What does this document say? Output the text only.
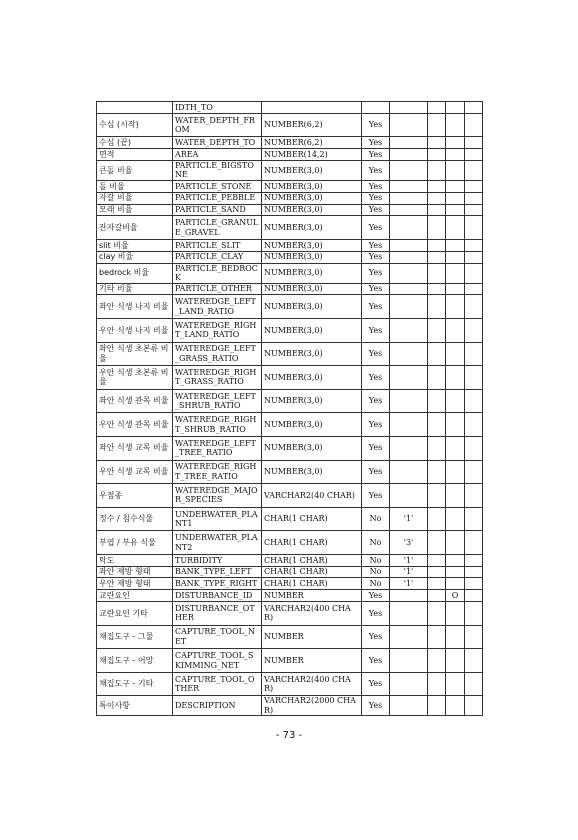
	IDTH_TO						
수심 (시작)	WATER_DEPTH_FROM	NUMBER(6,2)	Yes				
수심 (끝)	WATER_DEPTH_TO	NUMBER(6,2)	Yes				
면적	AREA	NUMBER(14,2)	Yes				
큰돌 비율	PARTICLE_BIGSTONE	NUMBER(3,0)	Yes				
돌 비율	PARTICLE_STONE	NUMBER(3,0)	Yes				
자갈 비율	PARTICLE_PEBBLE	NUMBER(3,0)	Yes				
모래 비율	PARTICLE_SAND	NUMBER(3,0)	Yes				
잔자갈비율	PARTICLE_GRANULE_GRAVEL	NUMBER(3,0)	Yes				
slit 비율	PARTICLE_SLIT	NUMBER(3,0)	Yes				
clay 비율	PARTICLE_CLAY	NUMBER(3,0)	Yes				
bedrock 비율	PARTICLE_BEDROCK	NUMBER(3,0)	Yes				
기타 비율	PARTICLE_OTHER	NUMBER(3,0)	Yes				
좌안 식생 나지 비율	WATEREDGE_LEFT_LAND_RATIO	NUMBER(3,0)	Yes				
우안 식생 나지 비율	WATEREDGE_RIGHT_LAND_RATIO	NUMBER(3,0)	Yes				
좌안 식생 초본류 비율	WATEREDGE_LEFT_GRASS_RATIO	NUMBER(3,0)	Yes				
우안 식생 초본류 비율	WATEREDGE_RIGHT_GRASS_RATIO	NUMBER(3,0)	Yes				
좌안 식생 관목 비율	WATEREDGE_LEFT_SHRUB_RATIO	NUMBER(3,0)	Yes				
우안 식생 관목 비율	WATEREDGE_RIGHT_SHRUB_RATIO	NUMBER(3,0)	Yes				
좌안 식생 교목 비율	WATEREDGE_LEFT_TREE_RATIO	NUMBER(3,0)	Yes				
우안 식생 교목 비율	WATEREDGE_RIGHT_TREE_RATIO	NUMBER(3,0)	Yes				
우점종	WATEREDGE_MAJOR_SPECIES	VARCHAR2(40 CHAR)	Yes				
정수 / 침수식물	UNDERWATER_PLANT1	CHAR(1 CHAR)	No	'1'			
부엽 / 부유 식물	UNDERWATER_PLANT2	CHAR(1 CHAR)	No	'3'			
탁도	TURBIDITY	CHAR(1 CHAR)	No	'1'			
좌안 제방 형태	BANK_TYPE_LEFT	CHAR(1 CHAR)	No	'1'			
우안 제방 형태	BANK_TYPE_RIGHT	CHAR(1 CHAR)	No	'1'			
교란요인	DISTURBANCE_ID	NUMBER	Yes			O	
교란요인 기타	DISTURBANCE_OTHER	VARCHAR2(400 CHAR)	Yes				
채집도구 - 그물	CAPTURE_TOOL_NET	NUMBER	Yes				
채집도구 - 어망	CAPTURE_TOOL_SKIMMING_NET	NUMBER	Yes				
채집도구 - 기타	CAPTURE_TOOL_OTHER	VARCHAR2(400 CHAR)	Yes				
특이사항	DESCRIPTION	VARCHAR2(2000 CHAR)	Yes				
- 73 -
